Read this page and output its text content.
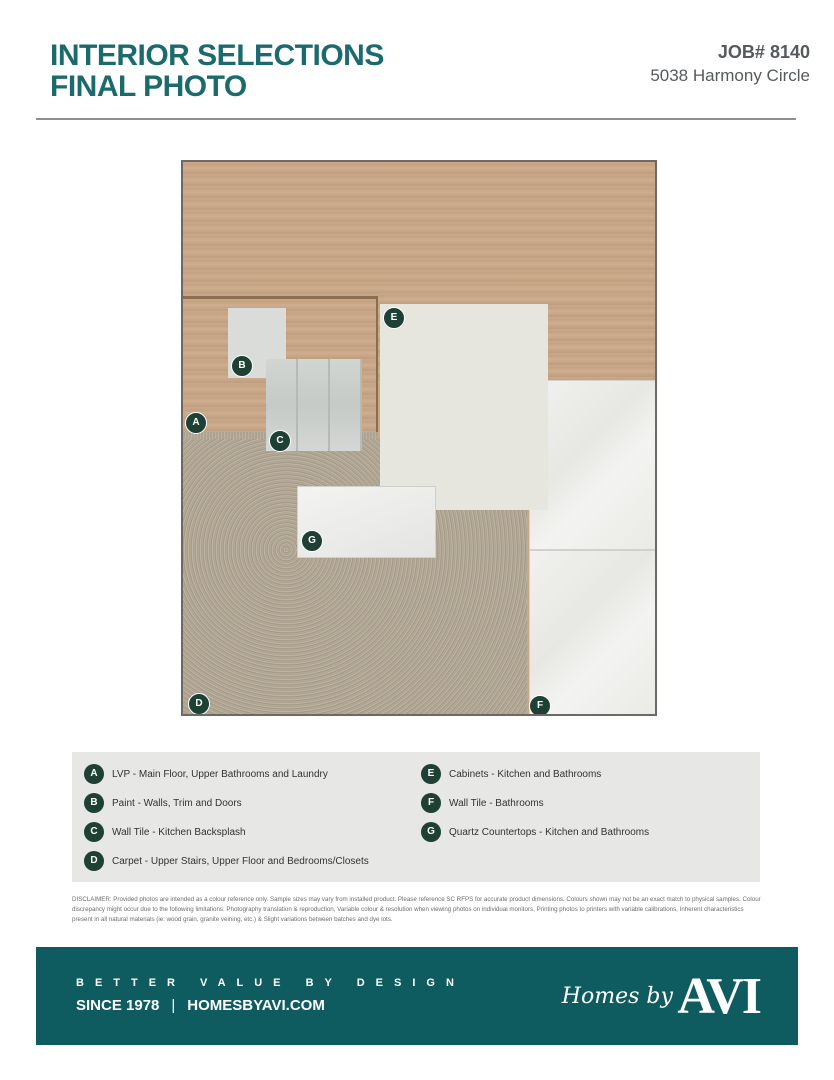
INTERIOR SELECTIONS
FINAL PHOTO
JOB# 8140
5038 Harmony Circle
A
B
C
D
E
F
G
A	LVP - Main Floor, Upper Bathrooms and Laundry
B	Paint - Walls, Trim and Doors
C	Wall Tile - Kitchen Backsplash
D	Carpet - Upper Stairs, Upper Floor and Bedrooms/Closets
E	Cabinets - Kitchen and Bathrooms
F	Wall Tile - Bathrooms
G	Quartz Countertops - Kitchen and Bathrooms
DISCLAIMER: Provided photos are intended as a colour reference only. Sample sizes may vary from installed product. Please reference SC RFPS for accurate product dimensions. Colours shown may not be an exact match to physical samples. Colour discrepancy might occur due to the following limitations: Photography translation & reproduction, Variable colour & resolution when viewing photos on individual monitors, Printing photos to printers with variable calibrations, Inherent characteristics present in all natural materials (ie: wood grain, granite veining, etc.) & Slight variations between batches and dye lots.
BETTER VALUE BY DESIGN
SINCE 1978 | HOMESBYAVI.COM	Homes by AVI
